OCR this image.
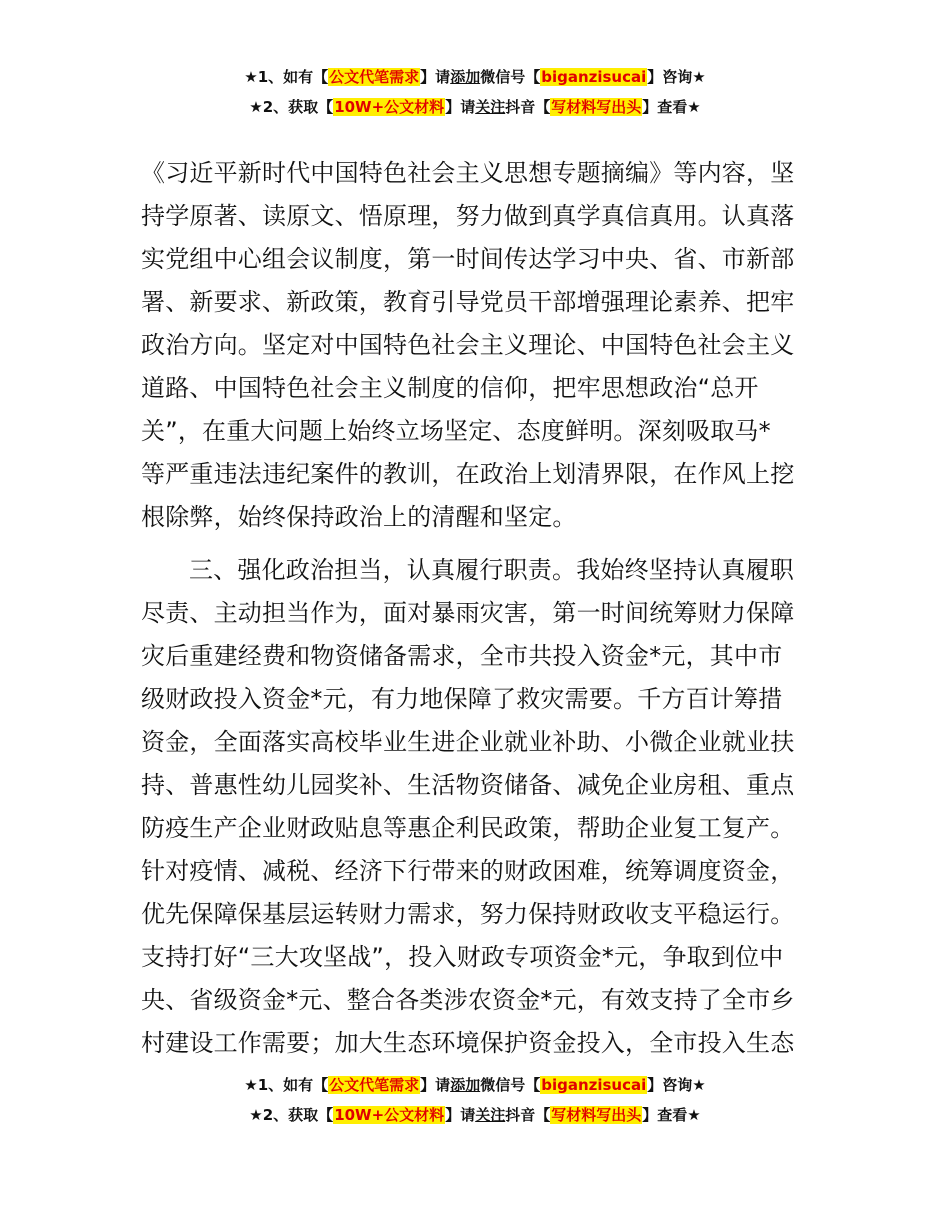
★1、如有【公文代笔需求】请添加微信号【biganzisucai】咨询★
★2、获取【10W+公文材料】请关注抖音【写材料写出头】查看★
《习近平新时代中国特色社会主义思想专题摘编》等内容，坚
持学原著、读原文、悟原理，努力做到真学真信真用。认真落
实党组中心组会议制度，第一时间传达学习中央、省、市新部
署、新要求、新政策，教育引导党员干部增强理论素养、把牢
政治方向。坚定对中国特色社会主义理论、中国特色社会主义
道路、中国特色社会主义制度的信仰，把牢思想政治“总开
关”，在重大问题上始终立场坚定、态度鲜明。深刻吸取马*
等严重违法违纪案件的教训，在政治上划清界限，在作风上挖
根除弊，始终保持政治上的清醒和坚定。
三、强化政治担当，认真履行职责。我始终坚持认真履职
尽责、主动担当作为，面对暴雨灾害，第一时间统筹财力保障
灾后重建经费和物资储备需求，全市共投入资金*元，其中市
级财政投入资金*元，有力地保障了救灾需要。千方百计筹措
资金，全面落实高校毕业生进企业就业补助、小微企业就业扶
持、普惠性幼儿园奖补、生活物资储备、减免企业房租、重点
防疫生产企业财政贴息等惠企利民政策，帮助企业复工复产。
针对疫情、减税、经济下行带来的财政困难，统筹调度资金，
优先保障保基层运转财力需求，努力保持财政收支平稳运行。
支持打好“三大攻坚战”，投入财政专项资金*元，争取到位中
央、省级资金*元、整合各类涉农资金*元，有效支持了全市乡
村建设工作需要；加大生态环境保护资金投入，全市投入生态
★1、如有【公文代笔需求】请添加微信号【biganzisucai】咨询★
★2、获取【10W+公文材料】请关注抖音【写材料写出头】查看★
